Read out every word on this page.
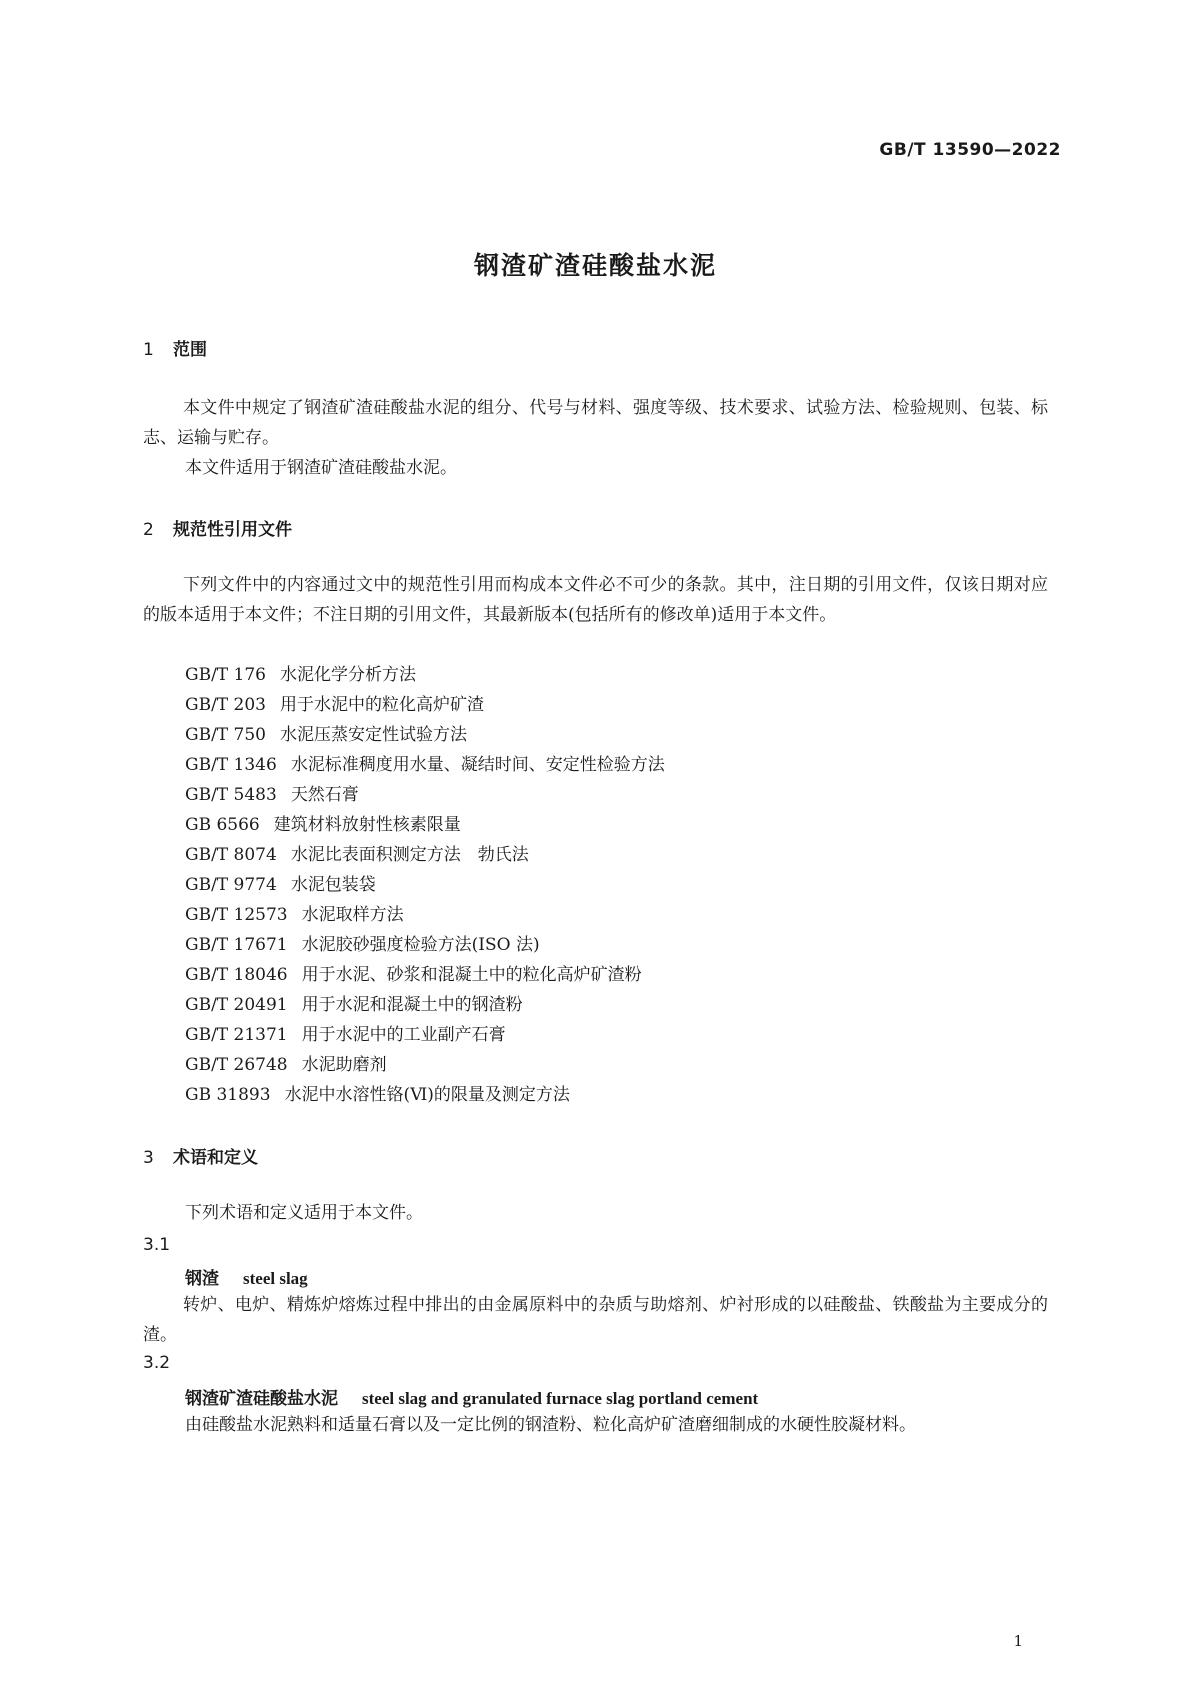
GB/T 13590—2022
钢渣矿渣硅酸盐水泥
1 范围
本文件中规定了钢渣矿渣硅酸盐水泥的组分、代号与材料、强度等级、技术要求、试验方法、检验规则、包装、标志、运输与贮存。
本文件适用于钢渣矿渣硅酸盐水泥。
2 规范性引用文件
下列文件中的内容通过文中的规范性引用而构成本文件必不可少的条款。其中，注日期的引用文件，仅该日期对应的版本适用于本文件；不注日期的引用文件，其最新版本(包括所有的修改单)适用于本文件。
GB/T 176 水泥化学分析方法
GB/T 203 用于水泥中的粒化高炉矿渣
GB/T 750 水泥压蒸安定性试验方法
GB/T 1346 水泥标准稠度用水量、凝结时间、安定性检验方法
GB/T 5483 天然石膏
GB 6566 建筑材料放射性核素限量
GB/T 8074 水泥比表面积测定方法　勃氏法
GB/T 9774 水泥包装袋
GB/T 12573 水泥取样方法
GB/T 17671 水泥胶砂强度检验方法(ISO 法)
GB/T 18046 用于水泥、砂浆和混凝土中的粒化高炉矿渣粉
GB/T 20491 用于水泥和混凝土中的钢渣粉
GB/T 21371 用于水泥中的工业副产石膏
GB/T 26748 水泥助磨剂
GB 31893 水泥中水溶性铬(Ⅵ)的限量及测定方法
3 术语和定义
下列术语和定义适用于本文件。
3.1
钢渣 steel slag
转炉、电炉、精炼炉熔炼过程中排出的由金属原料中的杂质与助熔剂、炉衬形成的以硅酸盐、铁酸盐为主要成分的渣。
3.2
钢渣矿渣硅酸盐水泥 steel slag and granulated furnace slag portland cement
由硅酸盐水泥熟料和适量石膏以及一定比例的钢渣粉、粒化高炉矿渣磨细制成的水硬性胶凝材料。
1
